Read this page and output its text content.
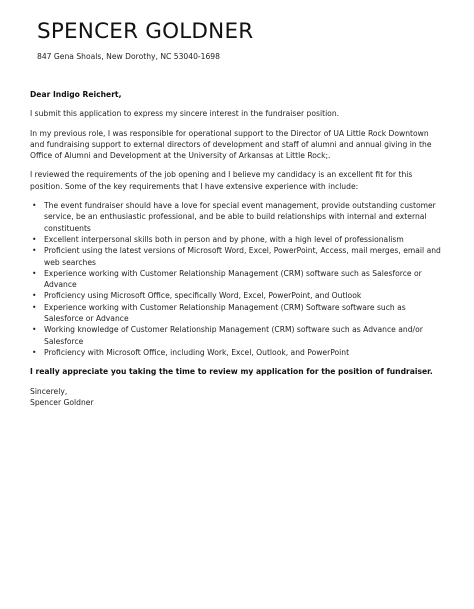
SPENCER GOLDNER

847 Gena Shoals, New Dorothy, NC 53040-1698

Dear Indigo Reichert,

I submit this application to express my sincere interest in the fundraiser position.

In my previous role, I was responsible for operational support to the Director of UA Little Rock Downtown and fundraising support to external directors of development and staff of alumni and annual giving in the Office of Alumni and Development at the University of Arkansas at Little Rock;.

I reviewed the requirements of the job opening and I believe my candidacy is an excellent fit for this position. Some of the key requirements that I have extensive experience with include:

• The event fundraiser should have a love for special event management, provide outstanding customer service, be an enthusiastic professional, and be able to build relationships with internal and external constituents
• Excellent interpersonal skills both in person and by phone, with a high level of professionalism
• Proficient using the latest versions of Microsoft Word, Excel, PowerPoint, Access, mail merges, email and web searches
• Experience working with Customer Relationship Management (CRM) software such as Salesforce or Advance
• Proficiency using Microsoft Office, specifically Word, Excel, PowerPoint, and Outlook
• Experience working with Customer Relationship Management (CRM) Software software such as Salesforce or Advance
• Working knowledge of Customer Relationship Management (CRM) software such as Advance and/or Salesforce
• Proficiency with Microsoft Office, including Work, Excel, Outlook, and PowerPoint

I really appreciate you taking the time to review my application for the position of fundraiser.

Sincerely,

Spencer Goldner
